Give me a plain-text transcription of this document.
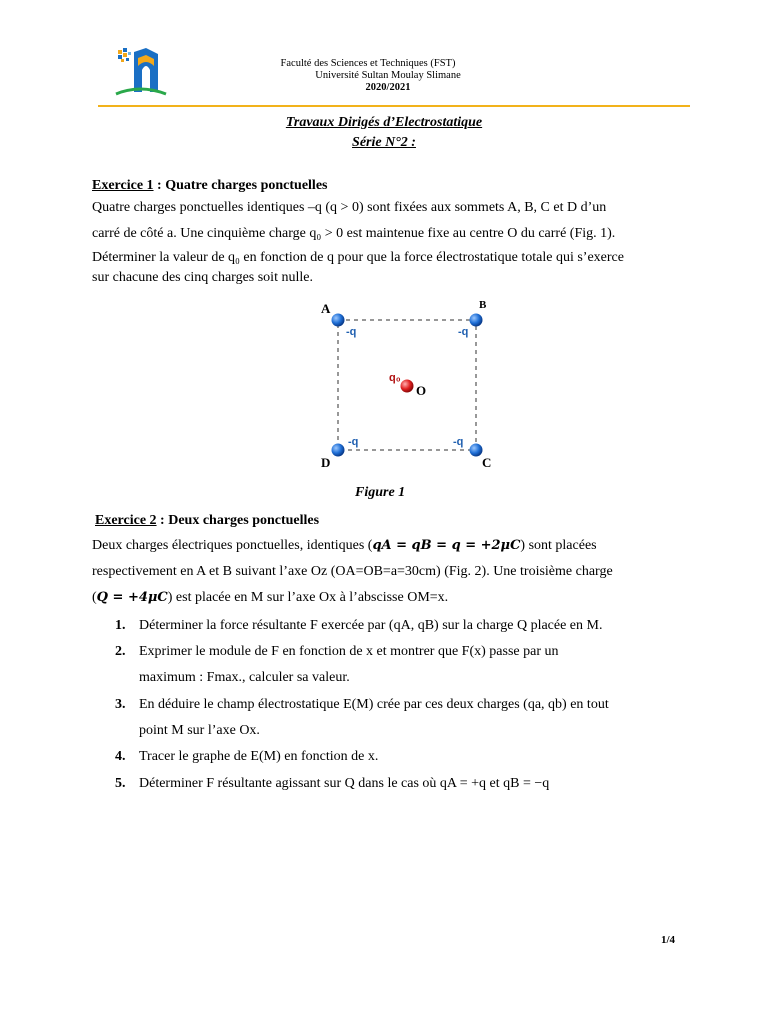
Faculté des Sciences et Techniques (FST)
Université Sultan Moulay Slimane
2020/2021
Travaux Dirigés d’Electrostatique
Série N°2 :
Exercice 1 : Quatre charges ponctuelles
Quatre charges ponctuelles identiques –q (q > 0) sont fixées aux sommets A, B, C et D d’un
carré de côté a. Une cinquième charge q₀ > 0 est maintenue fixe au centre O du carré (Fig. 1).
Déterminer la valeur de q₀ en fonction de q pour que la force électrostatique totale qui s’exerce
sur chacune des cinq charges soit nulle.
A	B
C
D
-q	-q
-q
-q
q₀
O
Figure 1
Exercice 2 : Deux charges ponctuelles
Deux charges électriques ponctuelles, identiques (qA = qB = q = +2μC) sont placées
respectivement en A et B suivant l’axe Oz (OA=OB=a=30cm) (Fig. 2). Une troisième charge
(Q = +4μC) est placée en M sur l’axe Ox à l’abscisse OM=x.
1. Déterminer la force résultante F exercée par (qA, qB) sur la charge Q placée en M.
2. Exprimer le module de F en fonction de x et montrer que F(x) passe par un
maximum : Fmax., calculer sa valeur.
3. En déduire le champ électrostatique E(M) crée par ces deux charges (qa, qb) en tout
point M sur l’axe Ox.
4. Tracer le graphe de E(M) en fonction de x.
5. Déterminer F résultante agissant sur Q dans le cas où qA = +q et qB = −q
1/4
